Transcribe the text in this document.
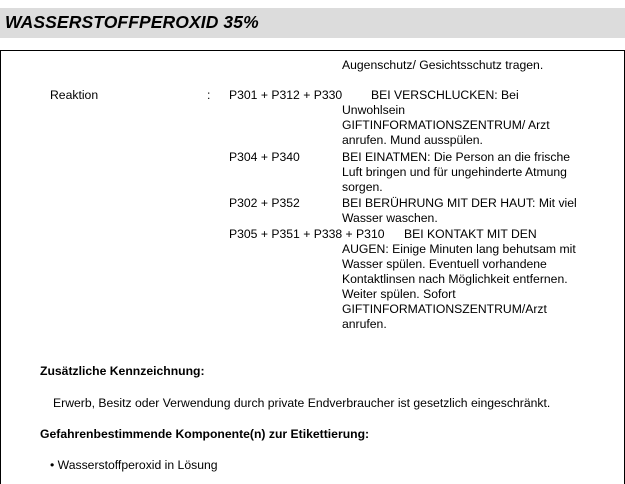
WASSERSTOFFPEROXID 35%
Augenschutz/ Gesichtsschutz tragen.
Reaktion	: P301 + P312 + P330	BEI VERSCHLUCKEN: Bei
Unwohlsein
GIFTINFORMATIONSZENTRUM/ Arzt
anrufen. Mund ausspülen.
P304 + P340	BEI EINATMEN: Die Person an die frische
Luft bringen und für ungehinderte Atmung
sorgen.
P302 + P352	BEI BERÜHRUNG MIT DER HAUT: Mit viel
Wasser waschen.
P305 + P351 + P338 + P310	BEI KONTAKT MIT DEN
AUGEN: Einige Minuten lang behutsam mit
Wasser spülen. Eventuell vorhandene
Kontaktlinsen nach Möglichkeit entfernen.
Weiter spülen. Sofort
GIFTINFORMATIONSZENTRUM/Arzt
anrufen.
Zusätzliche Kennzeichnung:
Erwerb, Besitz oder Verwendung durch private Endverbraucher ist gesetzlich eingeschränkt.
Gefahrenbestimmende Komponente(n) zur Etikettierung:
• Wasserstoffperoxid in Lösung
